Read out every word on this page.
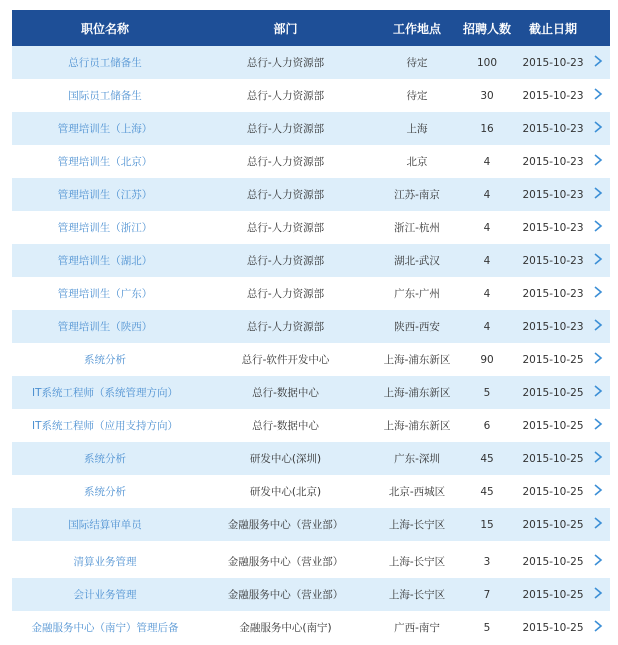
职位名称	部门	工作地点	招聘人数	截止日期
总行员工储备生	总行-人力资源部	待定	100	2015-10-23
国际员工储备生	总行-人力资源部	待定	30	2015-10-23
管理培训生（上海）	总行-人力资源部	上海	16	2015-10-23
管理培训生（北京）	总行-人力资源部	北京	4	2015-10-23
管理培训生（江苏）	总行-人力资源部	江苏-南京	4	2015-10-23
管理培训生（浙江）	总行-人力资源部	浙江-杭州	4	2015-10-23
管理培训生（湖北）	总行-人力资源部	湖北-武汉	4	2015-10-23
管理培训生（广东）	总行-人力资源部	广东-广州	4	2015-10-23
管理培训生（陕西）	总行-人力资源部	陕西-西安	4	2015-10-23
系统分析	总行-软件开发中心	上海-浦东新区	90	2015-10-25
IT系统工程师（系统管理方向）	总行-数据中心	上海-浦东新区	5	2015-10-25
IT系统工程师（应用支持方向）	总行-数据中心	上海-浦东新区	6	2015-10-25
系统分析	研发中心(深圳)	广东-深圳	45	2015-10-25
系统分析	研发中心(北京)	北京-西城区	45	2015-10-25
国际结算审单员	金融服务中心（营业部）	上海-长宁区	15	2015-10-25
清算业务管理	金融服务中心（营业部）	上海-长宁区	3	2015-10-25
会计业务管理	金融服务中心（营业部）	上海-长宁区	7	2015-10-25
金融服务中心（南宁）管理后备	金融服务中心(南宁)	广西-南宁	5	2015-10-25
